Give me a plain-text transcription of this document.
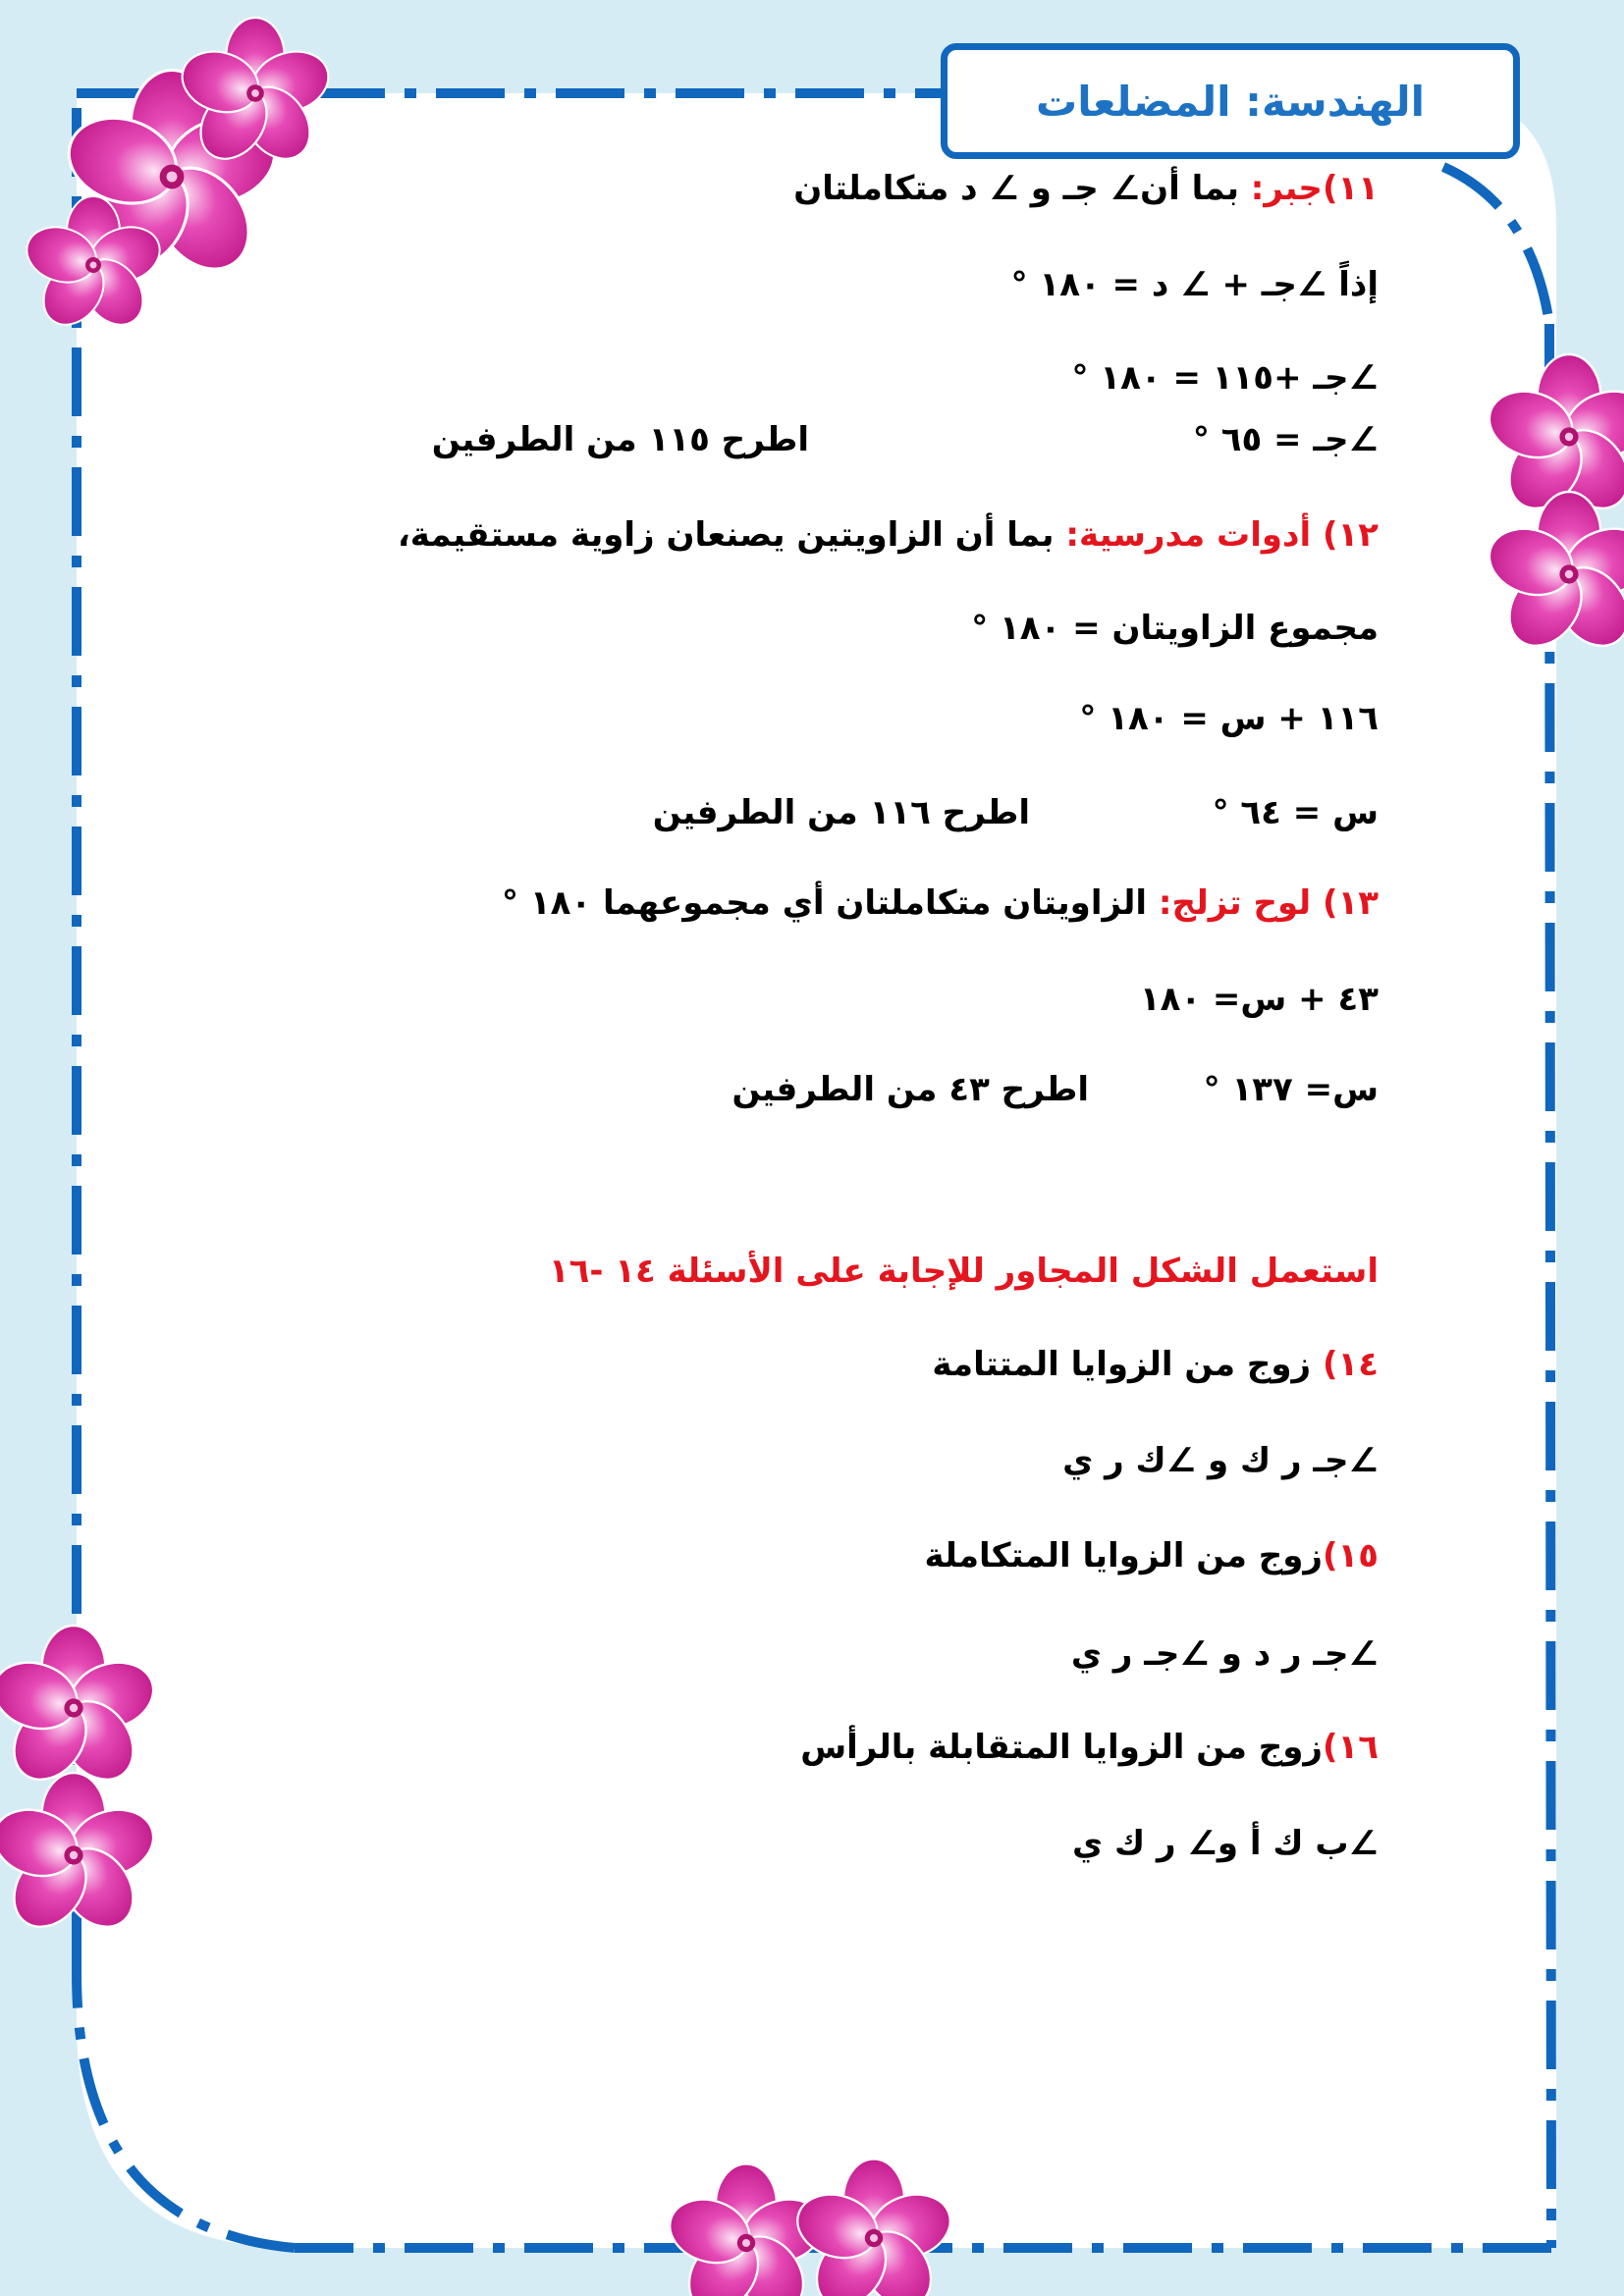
الهندسة: المضلعات
١١)جبر: بما أن∠ جـ و ∠ د متكاملتان
إذاً ∠جـ + ∠ د = ١٨٠ °
∠جـ +١١٥ = ١٨٠ °
∠جـ = ٦٥ °
اطرح ١١٥ من الطرفين
١٢) أدوات مدرسية: بما أن الزاويتين يصنعان زاوية مستقيمة،
مجموع الزاويتان = ١٨٠ °
١١٦ + س = ١٨٠ °
س = ٦٤ °
اطرح ١١٦ من الطرفين
١٣) لوح تزلج: الزاويتان متكاملتان أي مجموعهما ١٨٠ °
٤٣ + س= ١٨٠
س= ١٣٧ °
اطرح ٤٣ من الطرفين
استعمل الشكل المجاور للإجابة على الأسئلة ١٤ -١٦
١٤) زوج من الزوايا المتتامة
∠جـ ر ك و ∠ك ر ي
١٥)زوج من الزوايا المتكاملة
∠جـ ر د و ∠جـ ر ي
١٦)زوج من الزوايا المتقابلة بالرأس
∠ب ك أ و∠ ر ك ي
